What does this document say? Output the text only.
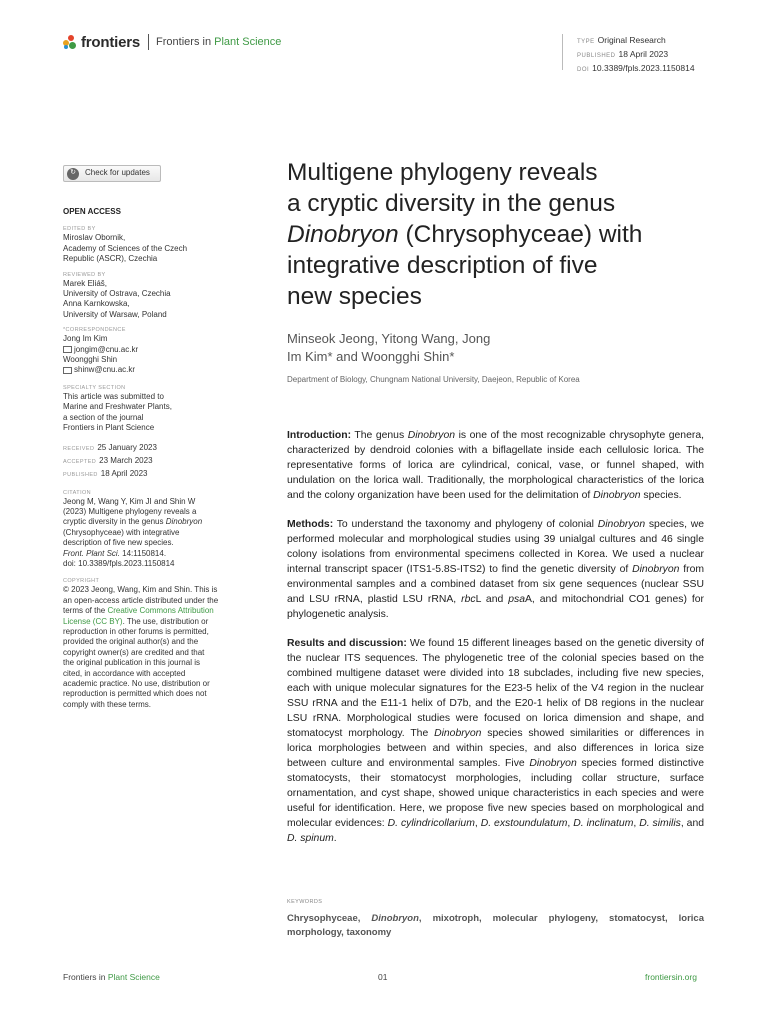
frontiers Frontiers in Plant Science	TYPE Original Research
PUBLISHED 18 April 2023
DOI 10.3389/fpls.2023.1150814
↻	Check for updates
OPEN ACCESS
EDITED BY
Miroslav Obornik,
Academy of Sciences of the Czech
Republic (ASCR), Czechia
REVIEWED BY
Marek Eliáš,
University of Ostrava, Czechia
Anna Karnkowska,
University of Warsaw, Poland
*CORRESPONDENCE
Jong Im Kim
jongim@cnu.ac.kr
Woongghi Shin
shinw@cnu.ac.kr
SPECIALTY SECTION
This article was submitted to
Marine and Freshwater Plants,
a section of the journal
Frontiers in Plant Science
RECEIVED 25 January 2023
ACCEPTED 23 March 2023
PUBLISHED 18 April 2023
CITATION
Jeong M, Wang Y, Kim JI and Shin W
(2023) Multigene phylogeny reveals a
cryptic diversity in the genus Dinobryon
(Chrysophyceae) with integrative
description of five new species.
Front. Plant Sci. 14:1150814.
doi: 10.3389/fpls.2023.1150814
COPYRIGHT
© 2023 Jeong, Wang, Kim and Shin. This is
an open-access article distributed under the
terms of the Creative Commons Attribution
License (CC BY). The use, distribution or
reproduction in other forums is permitted,
provided the original author(s) and the
copyright owner(s) are credited and that
the original publication in this journal is
cited, in accordance with accepted
academic practice. No use, distribution or
reproduction is permitted which does not
comply with these terms.
Multigene phylogeny reveals
a cryptic diversity in the genus
Dinobryon (Chrysophyceae) with
integrative description of five
new species
Minseok Jeong, Yitong Wang, Jong
Im Kim* and Woongghi Shin*
Department of Biology, Chungnam National University, Daejeon, Republic of Korea

Introduction: The genus Dinobryon is one of the most recognizable chrysophyte genera, characterized by dendroid colonies with a biflagellate inside each cellulosic lorica. The representative forms of lorica are cylindrical, conical, vase, or funnel shaped, with undulation on the lorica wall. Traditionally, the morphological characteristics of the lorica and the colony organization have been used for the delimitation of Dinobryon species.

Methods: To understand the taxonomy and phylogeny of colonial Dinobryon species, we performed molecular and morphological studies using 39 unialgal cultures and 46 single colony isolations from environmental specimens collected in Korea. We used a nuclear internal transcript spacer (ITS1-5.8S-ITS2) to find the genetic diversity of Dinobryon from environmental samples and a combined dataset from six gene sequences (nuclear SSU and LSU rRNA, plastid LSU rRNA, rbcL and psaA, and mitochondrial CO1 genes) for phylogenetic analysis.

Results and discussion: We found 15 different lineages based on the genetic diversity of the nuclear ITS sequences. The phylogenetic tree of the colonial species based on the combined multigene dataset were divided into 18 subclades, including five new species, each with unique molecular signatures for the E23-5 helix of the V4 region in the nuclear SSU rRNA and the E11-1 helix of D7b, and the E20-1 helix of D8 regions in the nuclear LSU rRNA. Morphological studies were focused on lorica dimension and shape, and stomatocyst morphology. The Dinobryon species showed similarities or differences in lorica morphologies between and within species, and also differences in lorica size between culture and environmental samples. Five Dinobryon species formed distinctive stomatocysts, their stomatocyst morphologies, including collar structure, surface ornamentation, and cyst shape, showed unique characteristics in each species and were useful for identification. Here, we propose five new species based on morphological and molecular evidences: D. cylindricollarium, D. exstoundulatum, D. inclinatum, D. similis, and D. spinum.

KEYWORDS
Chrysophyceae, Dinobryon, mixotroph, molecular phylogeny, stomatocyst, lorica morphology, taxonomy
Frontiers in Plant Science	01	frontiersin.org
